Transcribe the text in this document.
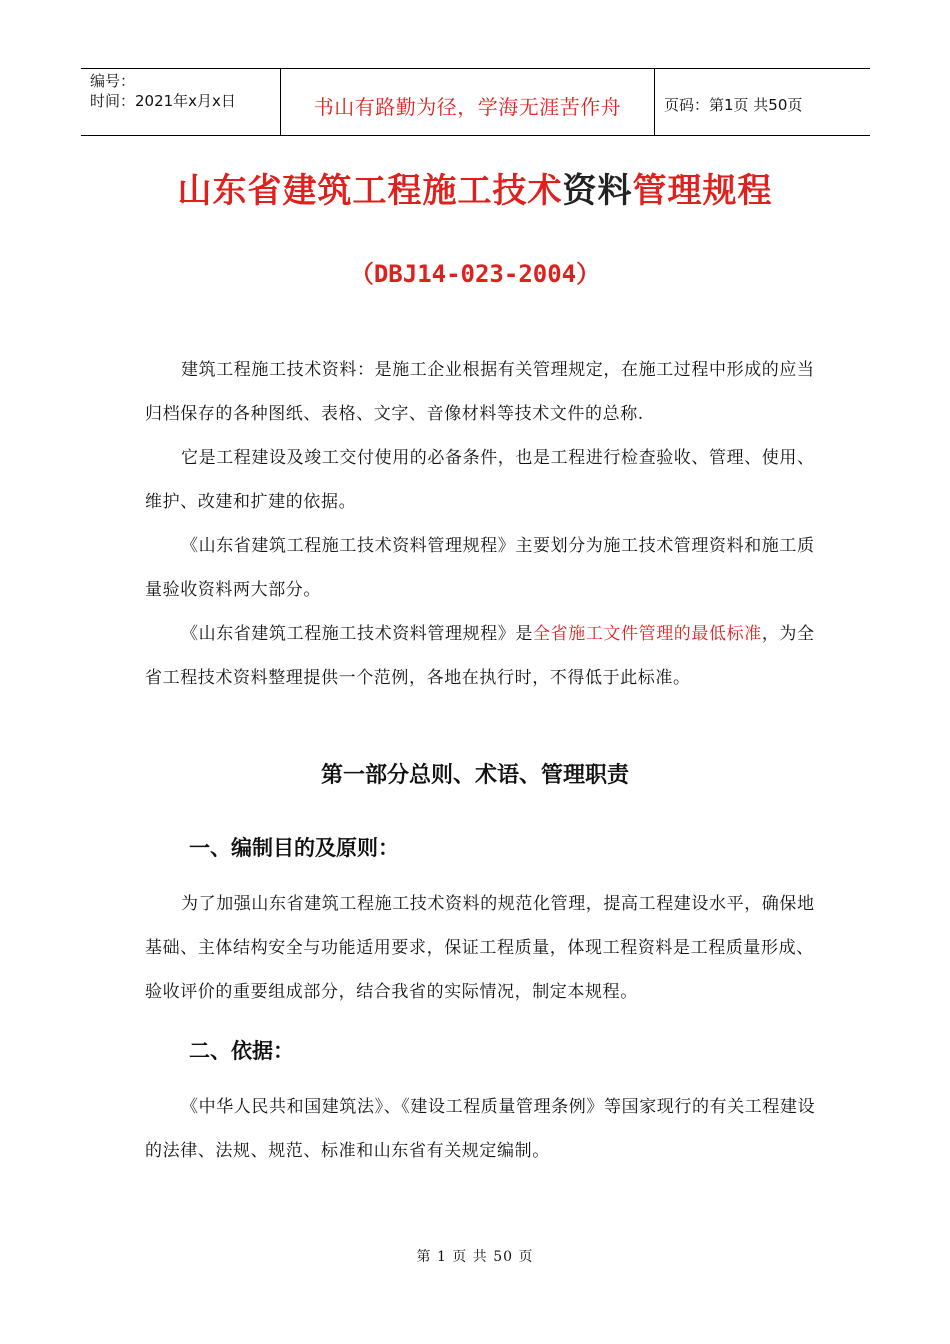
编号：
时间：2021年x月x日	书山有路勤为径，学海无涯苦作舟	页码：第1页 共50页
山东省建筑工程施工技术资料管理规程
（DBJ14-023-2004）

建筑工程施工技术资料：是施工企业根据有关管理规定，在施工过程中形成的应当归档保存的各种图纸、表格、文字、音像材料等技术文件的总称.

它是工程建设及竣工交付使用的必备条件，也是工程进行检查验收、管理、使用、维护、改建和扩建的依据。

《山东省建筑工程施工技术资料管理规程》主要划分为施工技术管理资料和施工质量验收资料两大部分。

《山东省建筑工程施工技术资料管理规程》是全省施工文件管理的最低标准，为全省工程技术资料整理提供一个范例，各地在执行时，不得低于此标准。

第一部分总则、术语、管理职责
一、编制目的及原则：

为了加强山东省建筑工程施工技术资料的规范化管理，提高工程建设水平，确保地基础、主体结构安全与功能适用要求，保证工程质量，体现工程资料是工程质量形成、验收评价的重要组成部分，结合我省的实际情况，制定本规程。

二、依据：

《中华人民共和国建筑法》、《建设工程质量管理条例》等国家现行的有关工程建设的法律、法规、规范、标准和山东省有关规定编制。

第 1 页 共 50 页
